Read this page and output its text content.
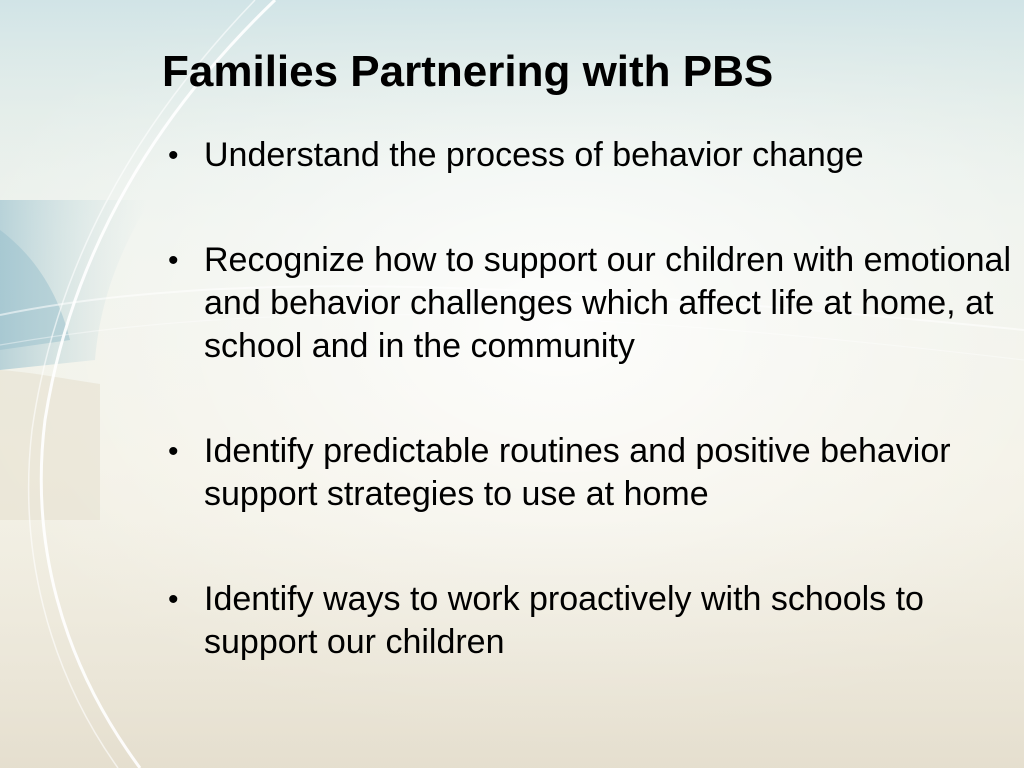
Families Partnering with PBS
• Understand the process of behavior change
• Recognize how to support our children with emotional and behavior challenges which affect life at home, at school and in the community
• Identify predictable routines and positive behavior support strategies to use at home
• Identify ways to work proactively with schools to support our children
